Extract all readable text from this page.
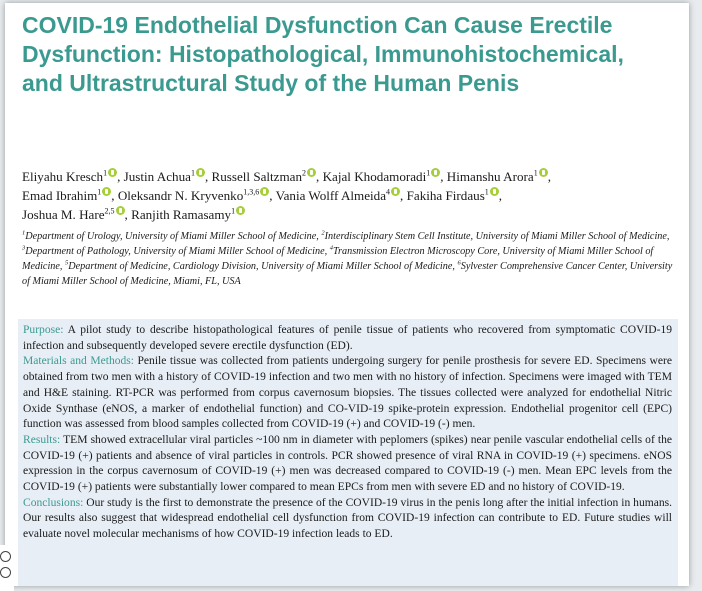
COVID-19 Endothelial Dysfunction Can Cause Erectile Dysfunction: Histopathological, Immunohistochemical, and Ultrastructural Study of the Human Penis
Eliyahu Kresch$^1$ , Justin Achua$^1$ , Russell Saltzman$^2$ , Kajal Khodamoradi$^1$ , Himanshu Arora$^1$ ,
Emad Ibrahim$^1$ , Oleksandr N. Kryvenko$^{1,3,6}$ , Vania Wolff Almeida$^4$ , Fakiha Firdaus$^1$ ,
Joshua M. Hare$^{2,5}$ , Ranjith Ramasamy$^1$
$^1$Department of Urology, University of Miami Miller School of Medicine, $^2$Interdisciplinary Stem Cell Institute, University of Miami Miller School of Medicine, $^3$Department of Pathology, University of Miami Miller School of Medicine, $^4$Transmission Electron Microscopy Core, University of Miami Miller School of Medicine, $^5$Department of Medicine, Cardiology Division, University of Miami Miller School of Medicine, $^6$Sylvester Comprehensive Cancer Center, University of Miami Miller School of Medicine, Miami, FL, USA

Purpose: A pilot study to describe histopathological features of penile tissue of patients who recovered from symptomatic COVID-19 infection and subsequently developed severe erectile dysfunction (ED).

Materials and Methods: Penile tissue was collected from patients undergoing surgery for penile prosthesis for severe ED. Specimens were obtained from two men with a history of COVID-19 infection and two men with no history of infection. Specimens were imaged with TEM and H&E staining. RT-PCR was performed from corpus cavernosum biopsies. The tissues collected were analyzed for endothelial Nitric Oxide Synthase (eNOS, a marker of endothelial function) and CO-VID-19 spike-protein expression. Endothelial progenitor cell (EPC) function was assessed from blood samples collected from COVID-19 (+) and COVID-19 (-) men.

Results: TEM showed extracellular viral particles ~100 nm in diameter with peplomers (spikes) near penile vascular endothelial cells of the COVID-19 (+) patients and absence of viral particles in controls. PCR showed presence of viral RNA in COVID-19 (+) specimens. eNOS expression in the corpus cavernosum of COVID-19 (+) men was decreased compared to COVID-19 (-) men. Mean EPC levels from the COVID-19 (+) patients were substantially lower compared to mean EPCs from men with severe ED and no history of COVID-19.

Conclusions: Our study is the first to demonstrate the presence of the COVID-19 virus in the penis long after the initial infection in humans. Our results also suggest that widespread endothelial cell dysfunction from COVID-19 infection can contribute to ED. Future studies will evaluate novel molecular mechanisms of how COVID-19 infection leads to ED.
